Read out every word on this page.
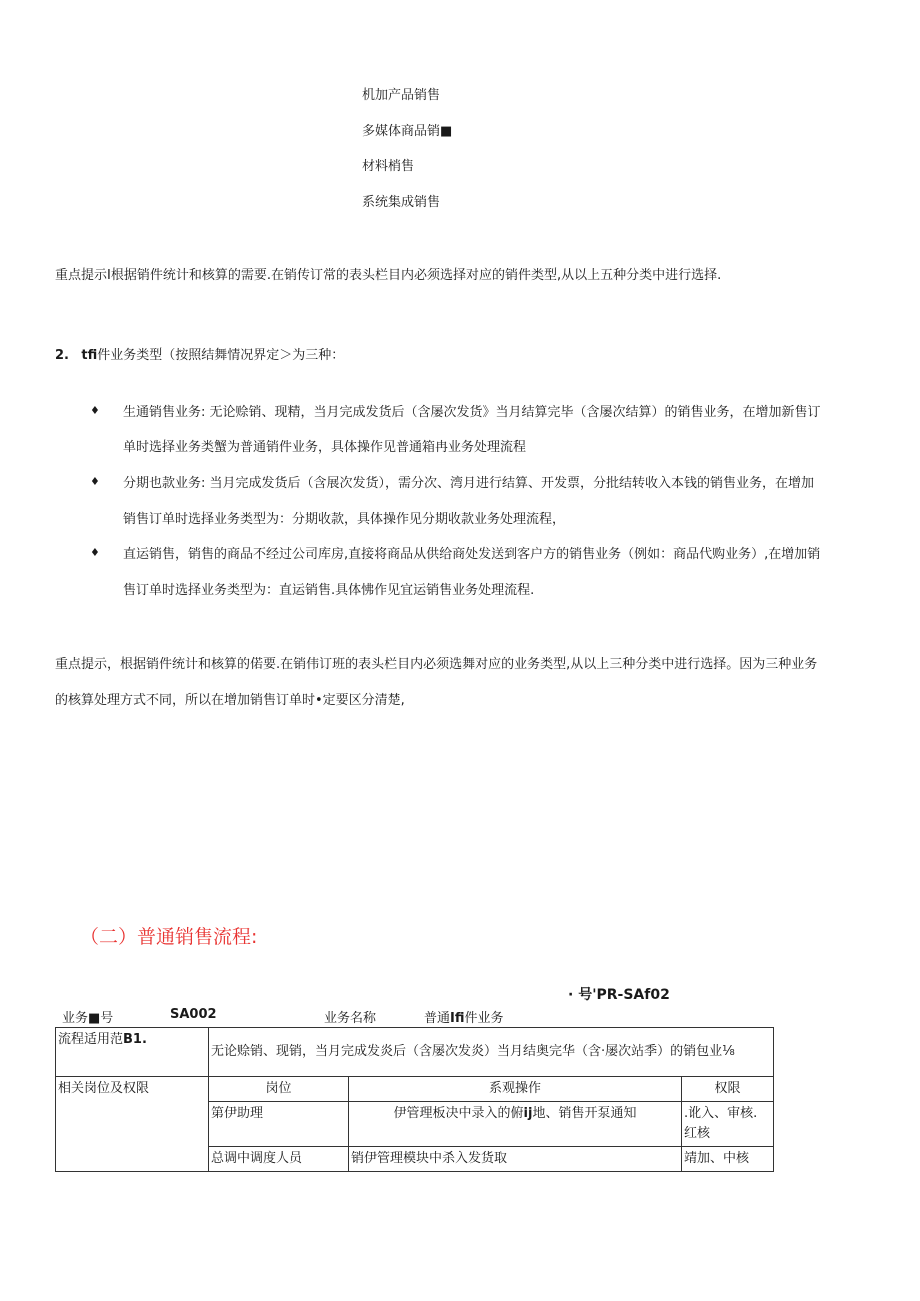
机加产品销售
多媒体商品销■
材料梢售
系统集成销售
重点提示I根据销件统计和核算的需要.在销传订常的表头栏目内必须选择对应的销件类型,从以上五种分类中进行选择.
2. tfi件业务类型（按照结舞情况界定＞为三种：
♦ 生通销售业务: 无论赊销、现精，当月完成发货后（含屡次发货》当月结算完毕（含屡次结算）的销售业务，在增加新售订
单时选择业务类蟹为普通销件业务，具体操作见普通箱冉业务处理流程
♦ 分期也款业务: 当月完成发货后（含展次发货），需分次、湾月进行结算、开发票，分批结转收入本钱的销售业务，在增加
销售订单时选择业务类型为：分期收款，具体操作见分期收款业务处理流程，
♦ 直运销售，销售的商品不经过公司库房,直接将商品从供给商处发送到客户方的销售业务（例如：商品代购业务）,在增加销
售订单时选择业务类型为：直运销售.具体怫作见宜运销售业务处理流程.
重点提示，根据销件统计和核算的偌要.在销伟订班的表头栏目内必须选舞对应的业务类型,从以上三种分类中进行选择。因为三种业务
的核算处理方式不同，所以在增加销售订单时•定要区分清楚,
（二）普通销售流程:
· 号'PR-SAf02
业务■号	SA002	业务名称	普通Ifi件业务
流程适用范B1.	无论赊销、现销，当月完成发炎后（含屡次发炎）当月结奥完华（含·屡次站季）的销包业⅛		
相关岗位及权限	岗位	系观操作	权限
	第伊助理	伊管理板决中录入的俯ij地、销售开泵通知	.讹入、审核.
红核

	总调中调度人员	销伊管理模块中杀入发货取	靖加、中核
